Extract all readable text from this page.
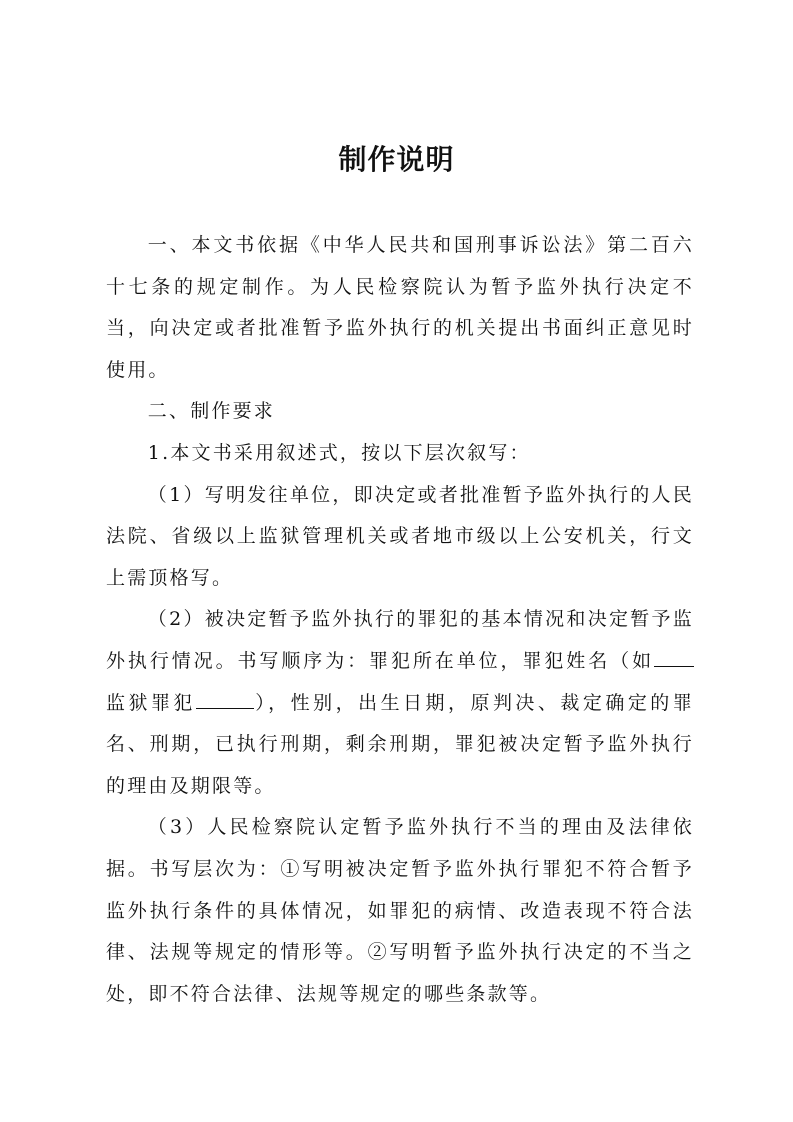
制作说明

一、本文书依据《中华人民共和国刑事诉讼法》第二百六十七条的规定制作。为人民检察院认为暂予监外执行决定不当，向决定或者批准暂予监外执行的机关提出书面纠正意见时使用。

二、制作要求

1.本文书采用叙述式，按以下层次叙写：

（1）写明发往单位，即决定或者批准暂予监外执行的人民法院、省级以上监狱管理机关或者地市级以上公安机关，行文上需顶格写。

（2）被决定暂予监外执行的罪犯的基本情况和决定暂予监外执行情况。书写顺序为：罪犯所在单位，罪犯姓名（如监狱罪犯	），性别，出生日期，原判决、裁定确定的罪名、刑期，已执行刑期，剩余刑期，罪犯被决定暂予监外执行的理由及期限等。

（3）人民检察院认定暂予监外执行不当的理由及法律依据。书写层次为：①写明被决定暂予监外执行罪犯不符合暂予监外执行条件的具体情况，如罪犯的病情、改造表现不符合法律、法规等规定的情形等。②写明暂予监外执行决定的不当之处，即不符合法律、法规等规定的哪些条款等。
